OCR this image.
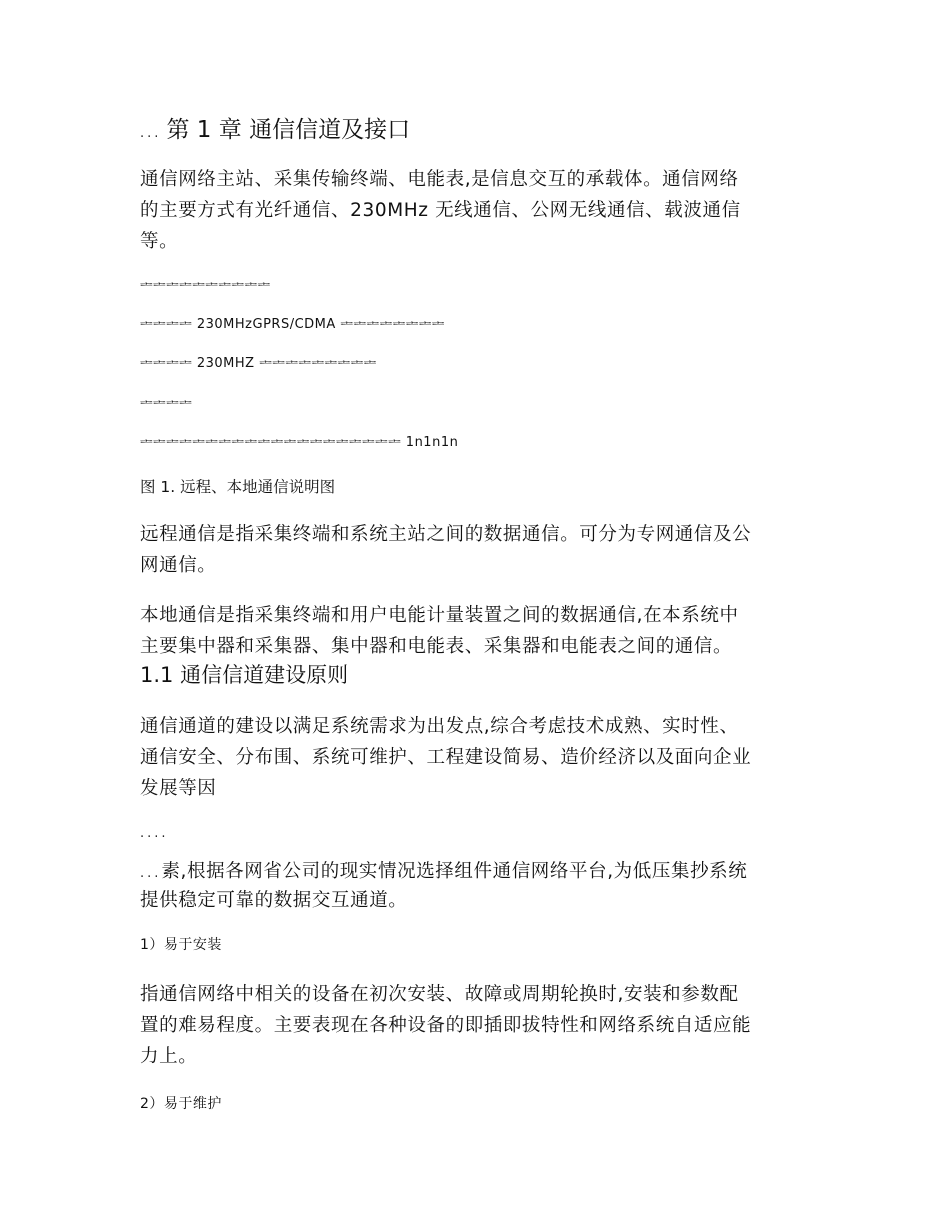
... 第 1 章 通信信道及接口
通信网络主站、采集传输终端、电能表,是信息交互的承载体。通信网络
的主要方式有光纤通信、230MHz 无线通信、公网无线通信、载波通信
等。
ᆂᆂᆂᆂᆂᆂᆂᆂᆂᆂ
ᆂᆂᆂᆂ 230MHzGPRS/CDMA ᆂᆂᆂᆂᆂᆂᆂᆂ
ᆂᆂᆂᆂ 230MHZ ᆂᆂᆂᆂᆂᆂᆂᆂᆂ
ᆂᆂᆂᆂ
ᆂᆂᆂᆂᆂᆂᆂᆂᆂᆂᆂᆂᆂᆂᆂᆂᆂᆂᆂᆂ 1n1n1n
图 1. 远程、本地通信说明图
远程通信是指采集终端和系统主站之间的数据通信。可分为专网通信及公
网通信。
本地通信是指采集终端和用户电能计量装置之间的数据通信,在本系统中
主要集中器和采集器、集中器和电能表、采集器和电能表之间的通信。
1.1 通信信道建设原则
通信通道的建设以满足系统需求为出发点,综合考虑技术成熟、实时性、
通信安全、分布围、系统可维护、工程建设简易、造价经济以及面向企业
发展等因
....
...素,根据各网省公司的现实情况选择组件通信网络平台,为低压集抄系统
提供稳定可靠的数据交互通道。
1）易于安装
指通信网络中相关的设备在初次安装、故障或周期轮换时,安装和参数配
置的难易程度。主要表现在各种设备的即插即拔特性和网络系统自适应能
力上。
2）易于维护
